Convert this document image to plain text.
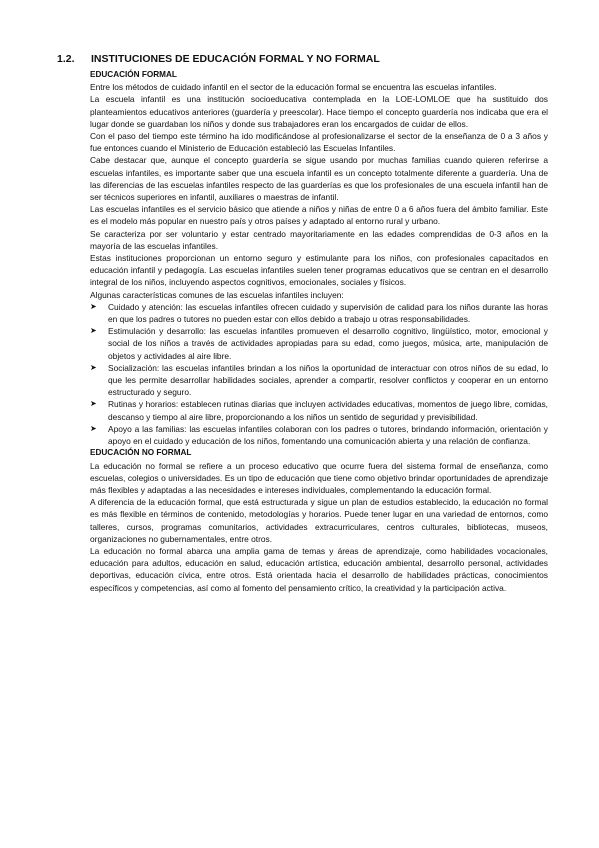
1.2. INSTITUCIONES DE EDUCACIÓN FORMAL Y NO FORMAL
EDUCACIÓN FORMAL

Entre los métodos de cuidado infantil en el sector de la educación formal se encuentra las escuelas infantiles.

La escuela infantil es una institución socioeducativa contemplada en la LOE-LOMLOE que ha sustituido dos planteamientos educativos anteriores (guardería y preescolar). Hace tiempo el concepto guardería nos indicaba que era el lugar donde se guardaban los niños y donde sus trabajadores eran los encargados de cuidar de ellos.

Con el paso del tiempo este término ha ido modificándose al profesionalizarse el sector de la enseñanza de 0 a 3 años y fue entonces cuando el Ministerio de Educación estableció las Escuelas Infantiles.

Cabe destacar que, aunque el concepto guardería se sigue usando por muchas familias cuando quieren referirse a escuelas infantiles, es importante saber que una escuela infantil es un concepto totalmente diferente a guardería. Una de las diferencias de las escuelas infantiles respecto de las guarderías es que los profesionales de una escuela infantil han de ser técnicos superiores en infantil, auxiliares o maestras de infantil.

Las escuelas infantiles es el servicio básico que atiende a niños y niñas de entre 0 a 6 años fuera del ámbito familiar. Este es el modelo más popular en nuestro país y otros países y adaptado al entorno rural y urbano.

Se caracteriza por ser voluntario y estar centrado mayoritariamente en las edades comprendidas de 0-3 años en la mayoría de las escuelas infantiles.

Estas instituciones proporcionan un entorno seguro y estimulante para los niños, con profesionales capacitados en educación infantil y pedagogía. Las escuelas infantiles suelen tener programas educativos que se centran en el desarrollo integral de los niños, incluyendo aspectos cognitivos, emocionales, sociales y físicos.

Algunas características comunes de las escuelas infantiles incluyen:

➤ Cuidado y atención: las escuelas infantiles ofrecen cuidado y supervisión de calidad para los niños durante las horas en que los padres o tutores no pueden estar con ellos debido a trabajo u otras responsabilidades.
➤ Estimulación y desarrollo: las escuelas infantiles promueven el desarrollo cognitivo, lingüístico, motor, emocional y social de los niños a través de actividades apropiadas para su edad, como juegos, música, arte, manipulación de objetos y actividades al aire libre.
➤ Socialización: las escuelas infantiles brindan a los niños la oportunidad de interactuar con otros niños de su edad, lo que les permite desarrollar habilidades sociales, aprender a compartir, resolver conflictos y cooperar en un entorno estructurado y seguro.
➤ Rutinas y horarios: establecen rutinas diarias que incluyen actividades educativas, momentos de juego libre, comidas, descanso y tiempo al aire libre, proporcionando a los niños un sentido de seguridad y previsibilidad.
➤ Apoyo a las familias: las escuelas infantiles colaboran con los padres o tutores, brindando información, orientación y apoyo en el cuidado y educación de los niños, fomentando una comunicación abierta y una relación de confianza.
EDUCACIÓN NO FORMAL

La educación no formal se refiere a un proceso educativo que ocurre fuera del sistema formal de enseñanza, como escuelas, colegios o universidades. Es un tipo de educación que tiene como objetivo brindar oportunidades de aprendizaje más flexibles y adaptadas a las necesidades e intereses individuales, complementando la educación formal.

A diferencia de la educación formal, que está estructurada y sigue un plan de estudios establecido, la educación no formal es más flexible en términos de contenido, metodologías y horarios. Puede tener lugar en una variedad de entornos, como talleres, cursos, programas comunitarios, actividades extracurriculares, centros culturales, bibliotecas, museos, organizaciones no gubernamentales, entre otros.

La educación no formal abarca una amplia gama de temas y áreas de aprendizaje, como habilidades vocacionales, educación para adultos, educación en salud, educación artística, educación ambiental, desarrollo personal, actividades deportivas, educación cívica, entre otros. Está orientada hacia el desarrollo de habilidades prácticas, conocimientos específicos y competencias, así como al fomento del pensamiento crítico, la creatividad y la participación activa.
